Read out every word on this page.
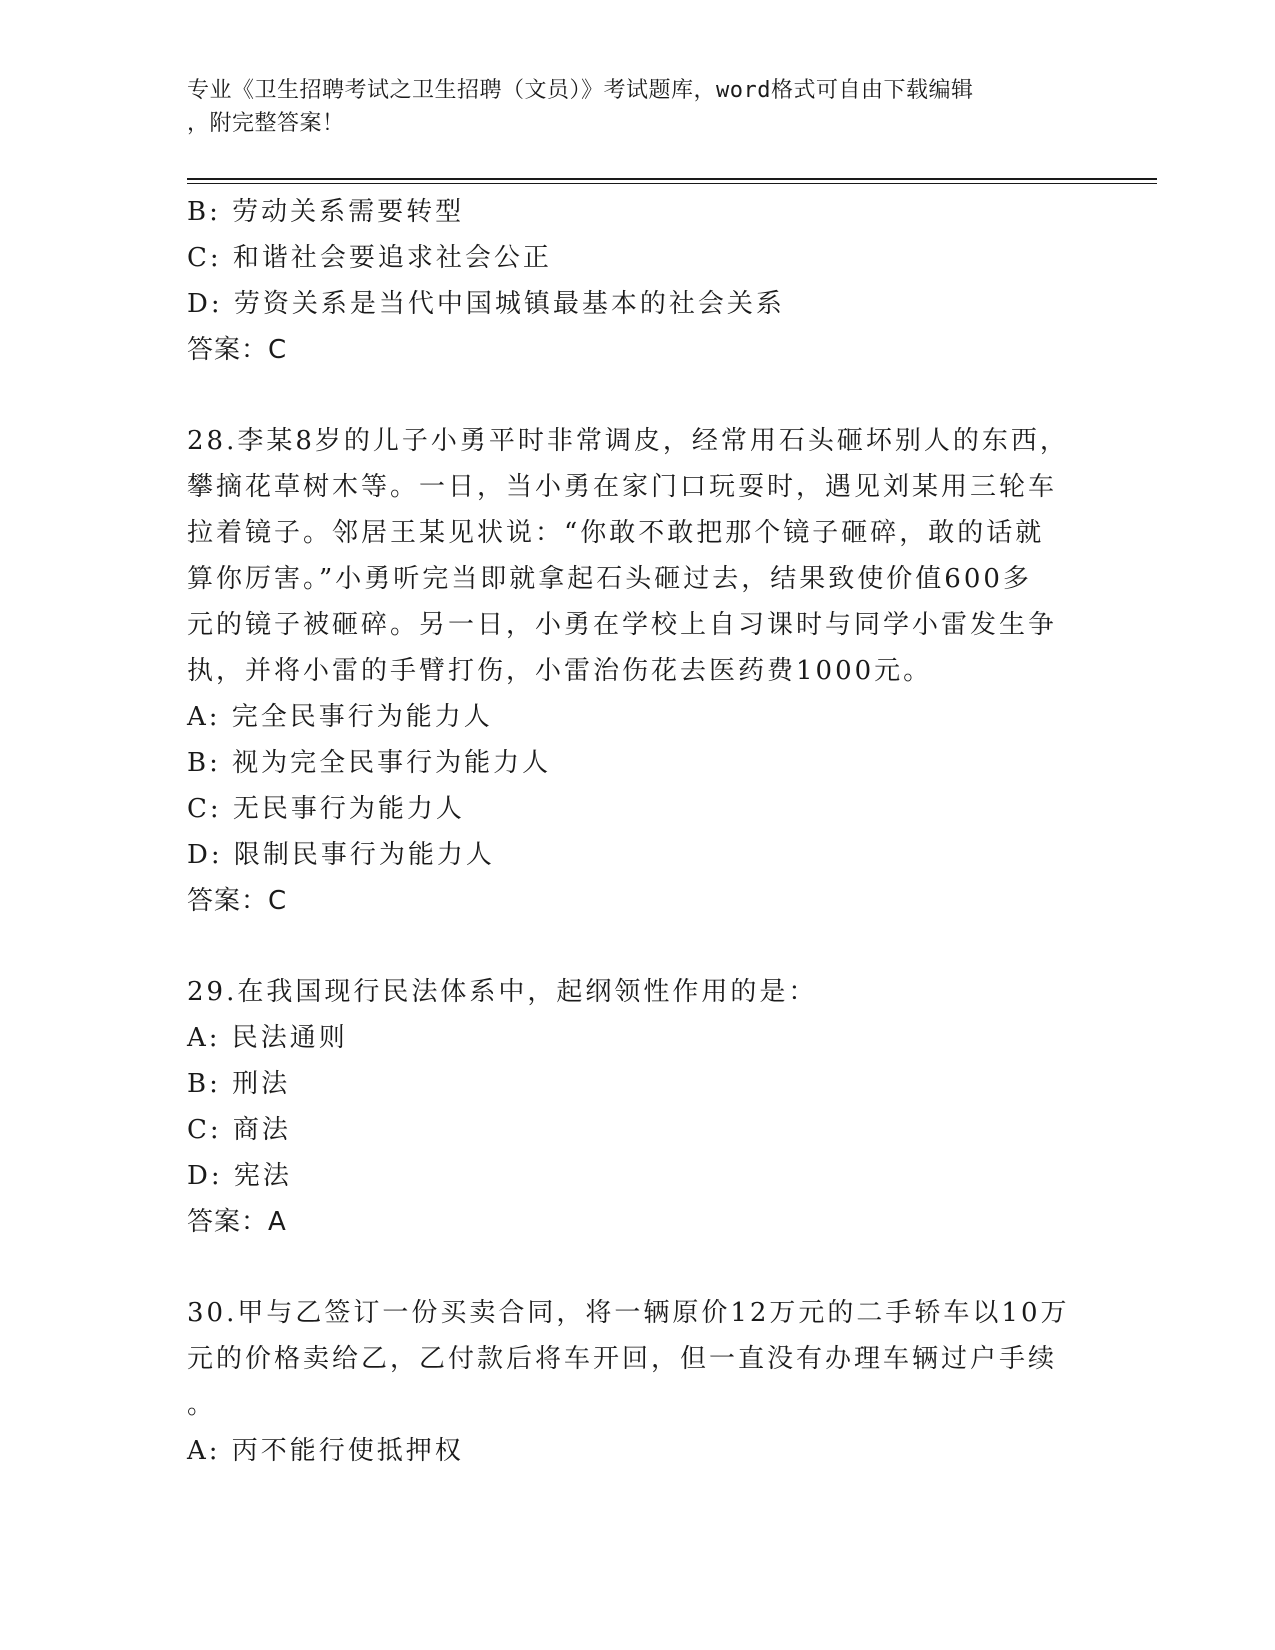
专业《卫生招聘考试之卫生招聘（文员）》考试题库，word格式可自由下载编辑
，附完整答案！
B: 劳动关系需要转型
C: 和谐社会要追求社会公正
D: 劳资关系是当代中国城镇最基本的社会关系
答案：C
28.李某8岁的儿子小勇平时非常调皮，经常用石头砸坏别人的东西，
攀摘花草树木等。一日，当小勇在家门口玩耍时，遇见刘某用三轮车
拉着镜子。邻居王某见状说：“你敢不敢把那个镜子砸碎，敢的话就
算你厉害。”小勇听完当即就拿起石头砸过去，结果致使价值600多
元的镜子被砸碎。另一日，小勇在学校上自习课时与同学小雷发生争
执，并将小雷的手臂打伤，小雷治伤花去医药费1000元。
A: 完全民事行为能力人
B: 视为完全民事行为能力人
C: 无民事行为能力人
D: 限制民事行为能力人
答案：C
29.在我国现行民法体系中，起纲领性作用的是：
A: 民法通则
B: 刑法
C: 商法
D: 宪法
答案：A
30.甲与乙签订一份买卖合同，将一辆原价12万元的二手轿车以10万
元的价格卖给乙，乙付款后将车开回，但一直没有办理车辆过户手续
。
A: 丙不能行使抵押权
